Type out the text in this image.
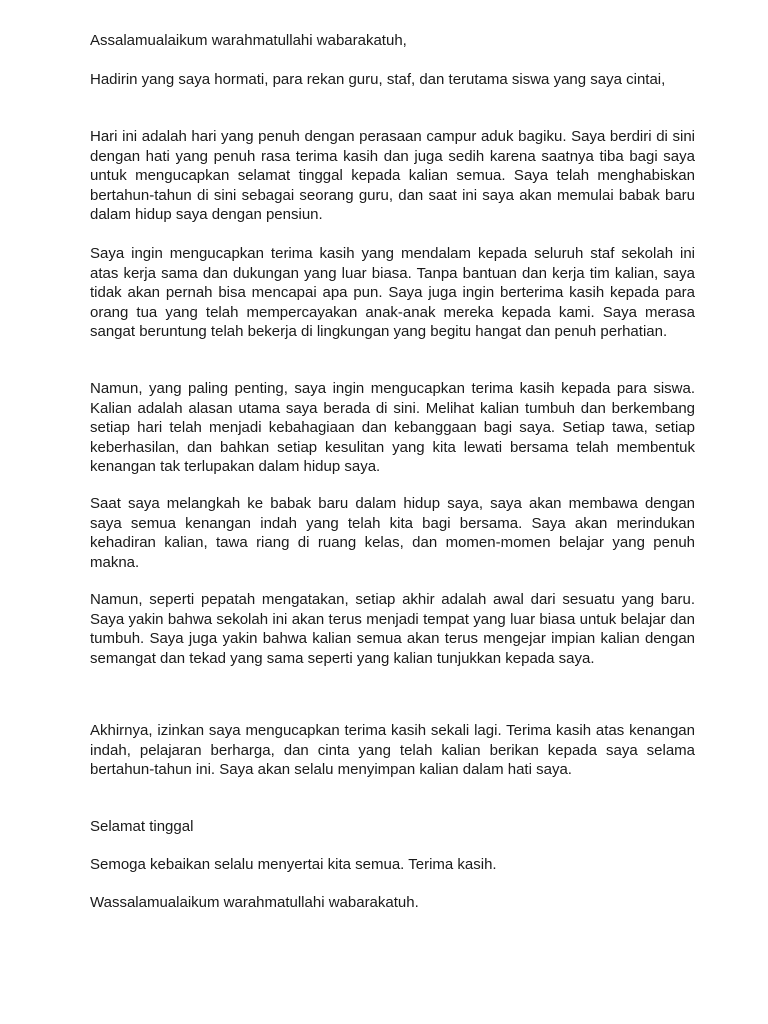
Assalamualaikum warahmatullahi wabarakatuh,

Hadirin yang saya hormati, para rekan guru, staf, dan terutama siswa yang saya cintai,

Hari ini adalah hari yang penuh dengan perasaan campur aduk bagiku. Saya berdiri di sini dengan hati yang penuh rasa terima kasih dan juga sedih karena saatnya tiba bagi saya untuk mengucapkan selamat tinggal kepada kalian semua. Saya telah menghabiskan bertahun-tahun di sini sebagai seorang guru, dan saat ini saya akan memulai babak baru dalam hidup saya dengan pensiun.

Saya ingin mengucapkan terima kasih yang mendalam kepada seluruh staf sekolah ini atas kerja sama dan dukungan yang luar biasa. Tanpa bantuan dan kerja tim kalian, saya tidak akan pernah bisa mencapai apa pun. Saya juga ingin berterima kasih kepada para orang tua yang telah mempercayakan anak-anak mereka kepada kami. Saya merasa sangat beruntung telah bekerja di lingkungan yang begitu hangat dan penuh perhatian.

Namun, yang paling penting, saya ingin mengucapkan terima kasih kepada para siswa. Kalian adalah alasan utama saya berada di sini. Melihat kalian tumbuh dan berkembang setiap hari telah menjadi kebahagiaan dan kebanggaan bagi saya. Setiap tawa, setiap keberhasilan, dan bahkan setiap kesulitan yang kita lewati bersama telah membentuk kenangan tak terlupakan dalam hidup saya.

Saat saya melangkah ke babak baru dalam hidup saya, saya akan membawa dengan saya semua kenangan indah yang telah kita bagi bersama. Saya akan merindukan kehadiran kalian, tawa riang di ruang kelas, dan momen-momen belajar yang penuh makna.

Namun, seperti pepatah mengatakan, setiap akhir adalah awal dari sesuatu yang baru. Saya yakin bahwa sekolah ini akan terus menjadi tempat yang luar biasa untuk belajar dan tumbuh. Saya juga yakin bahwa kalian semua akan terus mengejar impian kalian dengan semangat dan tekad yang sama seperti yang kalian tunjukkan kepada saya.

Akhirnya, izinkan saya mengucapkan terima kasih sekali lagi. Terima kasih atas kenangan indah, pelajaran berharga, dan cinta yang telah kalian berikan kepada saya selama bertahun-tahun ini. Saya akan selalu menyimpan kalian dalam hati saya.

Selamat tinggal

Semoga kebaikan selalu menyertai kita semua. Terima kasih.

Wassalamualaikum warahmatullahi wabarakatuh.
